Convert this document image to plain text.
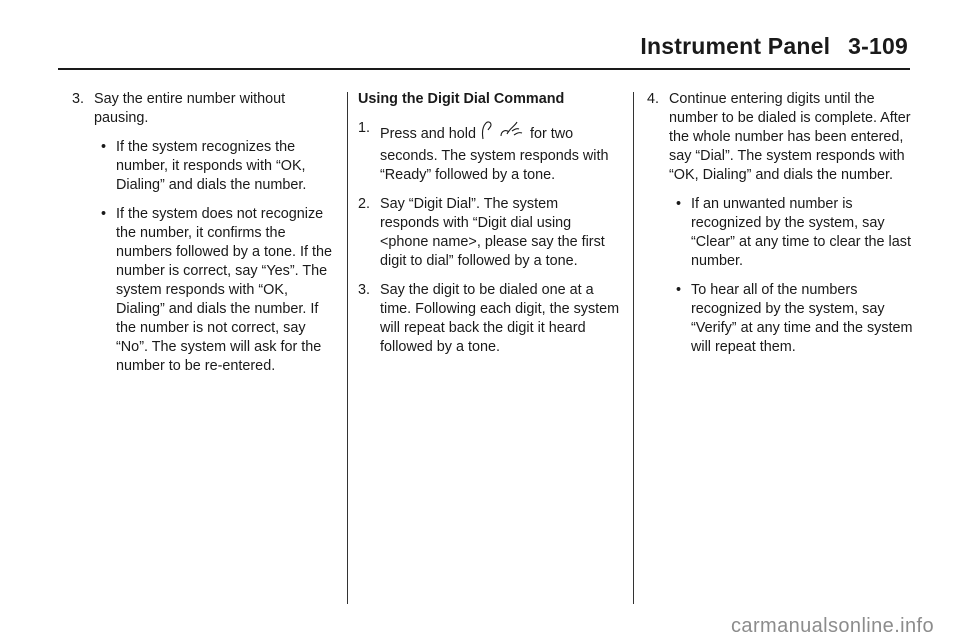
Instrument Panel 3-109
3. Say the entire number without pausing.
• If the system recognizes the number, it responds with “OK, Dialing” and dials the number.
• If the system does not recognize the number, it confirms the numbers followed by a tone. If the number is correct, say “Yes”. The system responds with “OK, Dialing” and dials the number. If the number is not correct, say “No”. The system will ask for the number to be re-entered.
Using the Digit Dial Command
1. Press and hold	for two seconds. The system responds with “Ready” followed by a tone.
2. Say “Digit Dial”. The system responds with “Digit dial using <phone name>, please say the first digit to dial” followed by a tone.
3. Say the digit to be dialed one at a time. Following each digit, the system will repeat back the digit it heard followed by a tone.
4. Continue entering digits until the number to be dialed is complete. After the whole number has been entered, say “Dial”. The system responds with “OK, Dialing” and dials the number.
• If an unwanted number is recognized by the system, say “Clear” at any time to clear the last number.
• To hear all of the numbers recognized by the system, say “Verify” at any time and the system will repeat them.
carmanualsonline.info
